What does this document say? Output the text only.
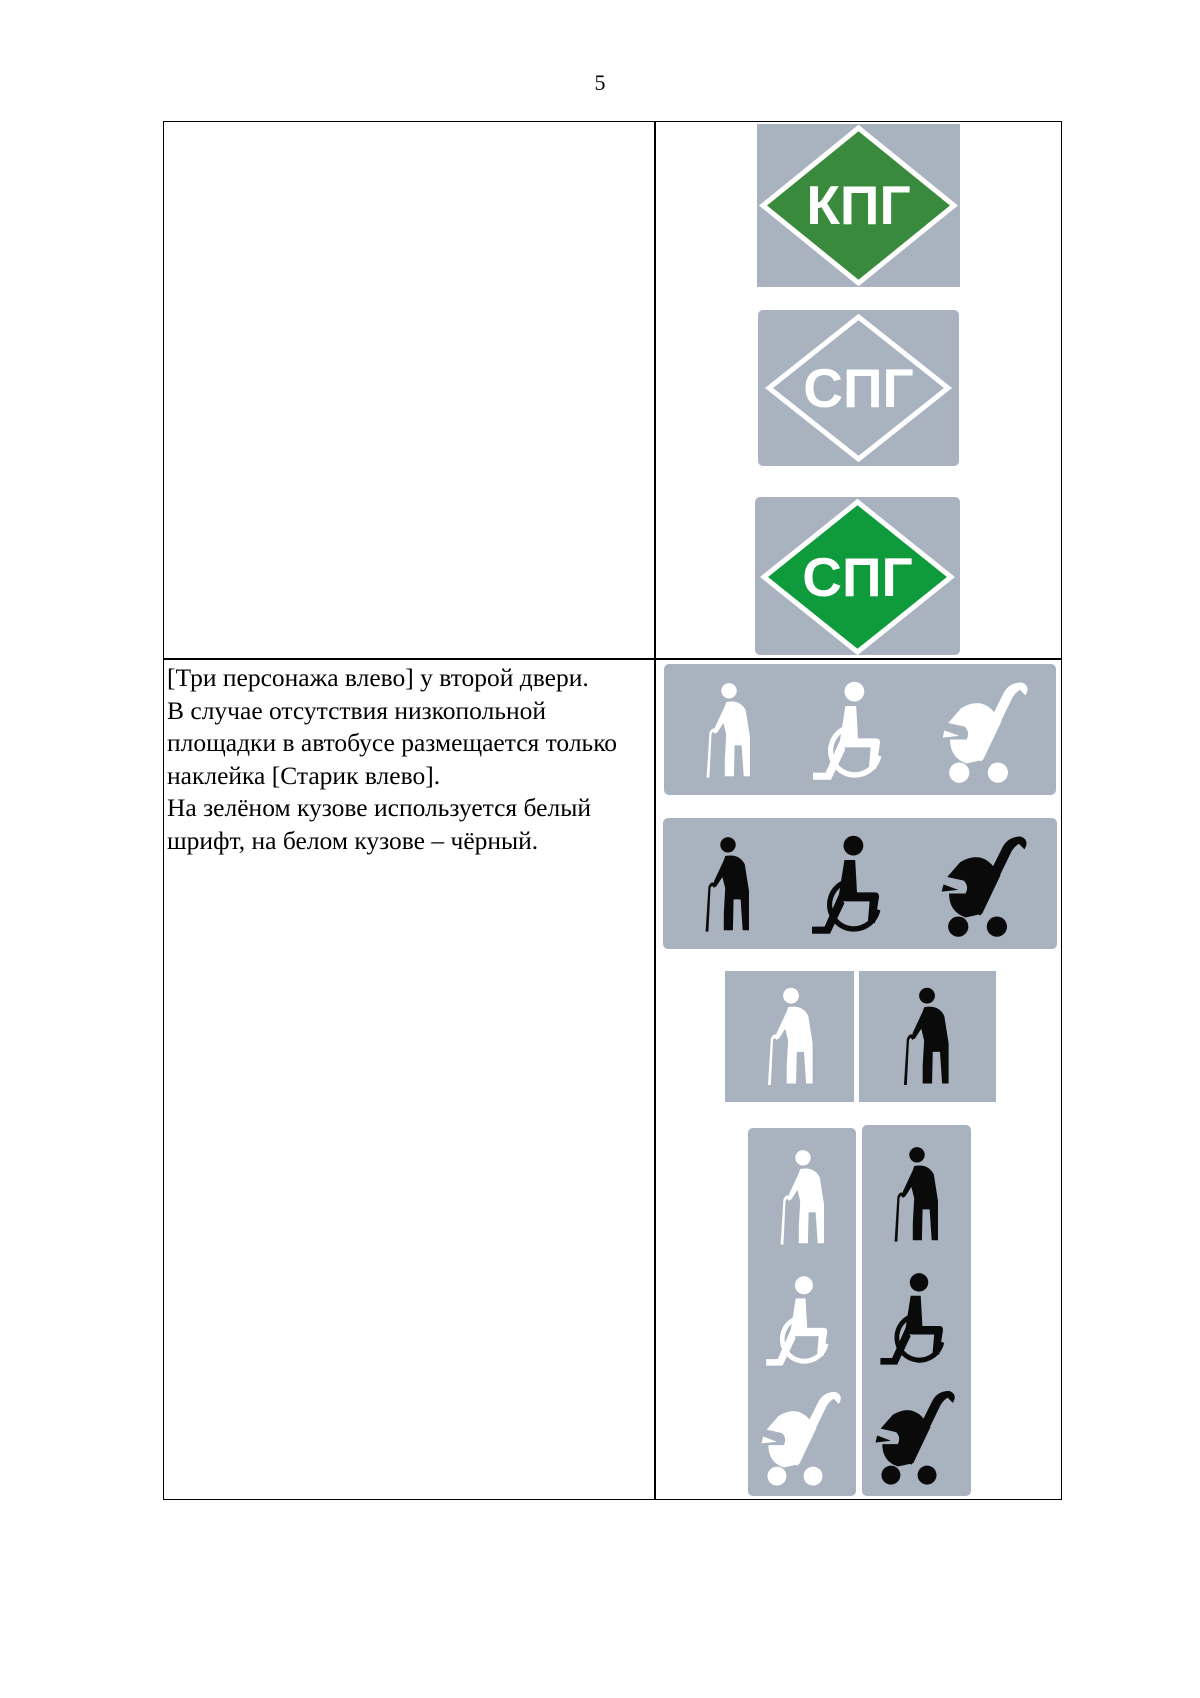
5
КПГ
СПГ
СПГ

[Три персонажа влево] у второй двери.

В случае отсутствия низкопольной площадки в автобусе размещается только наклейка [Старик влево].

На зелёном кузове используется белый шрифт, на белом кузове – чёрный.
